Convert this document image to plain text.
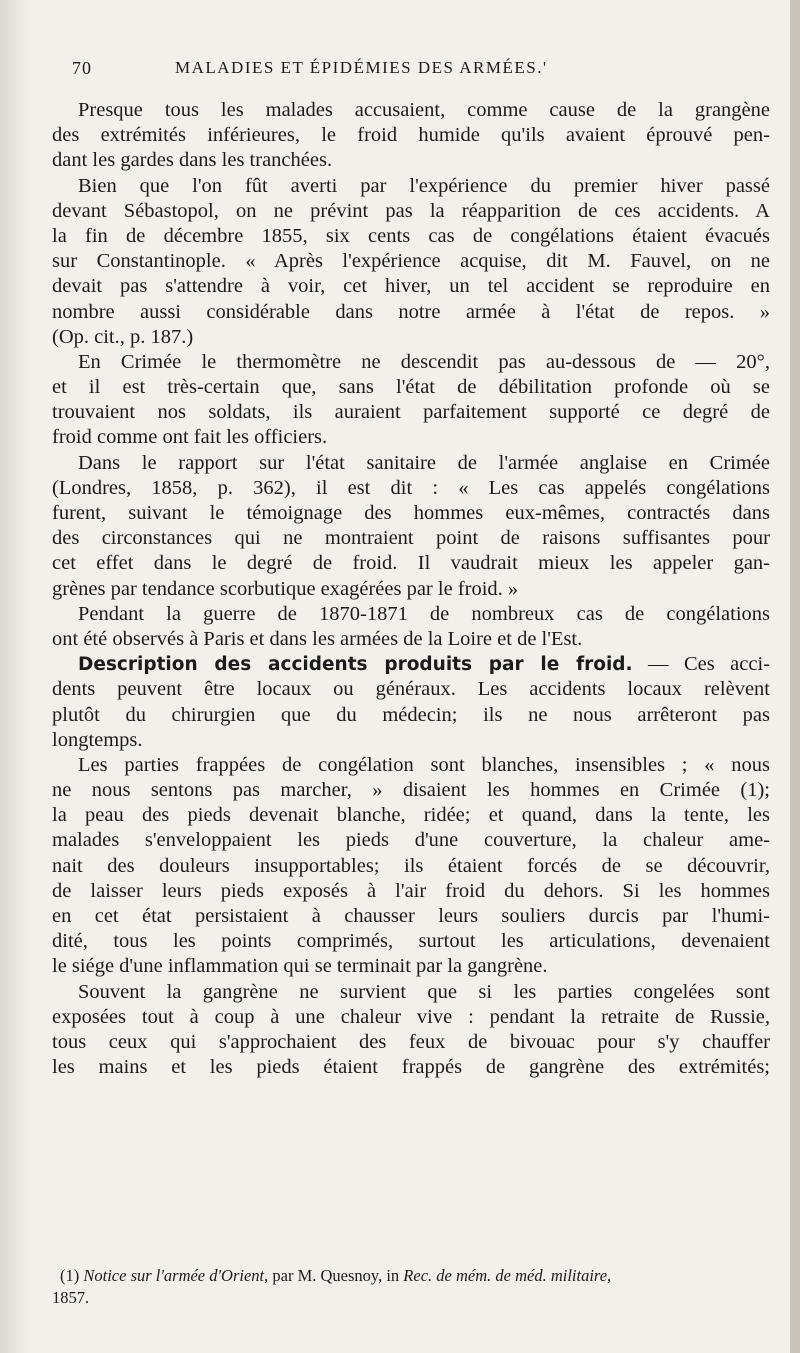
70	MALADIES ET ÉPIDÉMIES DES ARMÉES.'
Presque tous les malades accusaient, comme cause de la grangène
des extrémités inférieures, le froid humide qu'ils avaient éprouvé pen-
dant les gardes dans les tranchées.
Bien que l'on fût averti par l'expérience du premier hiver passé
devant Sébastopol, on ne prévint pas la réapparition de ces accidents. A
la fin de décembre 1855, six cents cas de congélations étaient évacués
sur Constantinople. « Après l'expérience acquise, dit M. Fauvel, on ne
devait pas s'attendre à voir, cet hiver, un tel accident se reproduire en
nombre aussi considérable dans notre armée à l'état de repos. »
(Op. cit., p. 187.)
En Crimée le thermomètre ne descendit pas au-dessous de — 20°,
et il est très-certain que, sans l'état de débilitation profonde où se
trouvaient nos soldats, ils auraient parfaitement supporté ce degré de
froid comme ont fait les officiers.
Dans le rapport sur l'état sanitaire de l'armée anglaise en Crimée
(Londres, 1858, p. 362), il est dit : « Les cas appelés congélations
furent, suivant le témoignage des hommes eux-mêmes, contractés dans
des circonstances qui ne montraient point de raisons suffisantes pour
cet effet dans le degré de froid. Il vaudrait mieux les appeler gan-
grènes par tendance scorbutique exagérées par le froid. »
Pendant la guerre de 1870-1871 de nombreux cas de congélations
ont été observés à Paris et dans les armées de la Loire et de l'Est.
Description des accidents produits par le froid. — Ces acci-
dents peuvent être locaux ou généraux. Les accidents locaux relèvent
plutôt du chirurgien que du médecin; ils ne nous arrêteront pas
longtemps.
Les parties frappées de congélation sont blanches, insensibles ; « nous
ne nous sentons pas marcher, » disaient les hommes en Crimée (1);
la peau des pieds devenait blanche, ridée; et quand, dans la tente, les
malades s'enveloppaient les pieds d'une couverture, la chaleur ame-
nait des douleurs insupportables; ils étaient forcés de se découvrir,
de laisser leurs pieds exposés à l'air froid du dehors. Si les hommes
en cet état persistaient à chausser leurs souliers durcis par l'humi-
dité, tous les points comprimés, surtout les articulations, devenaient
le siége d'une inflammation qui se terminait par la gangrène.
Souvent la gangrène ne survient que si les parties congelées sont
exposées tout à coup à une chaleur vive : pendant la retraite de Russie,
tous ceux qui s'approchaient des feux de bivouac pour s'y chauffer
les mains et les pieds étaient frappés de gangrène des extrémités;
(1) Notice sur l'armée d'Orient, par M. Quesnoy, in Rec. de mém. de méd. militaire,
1857.
